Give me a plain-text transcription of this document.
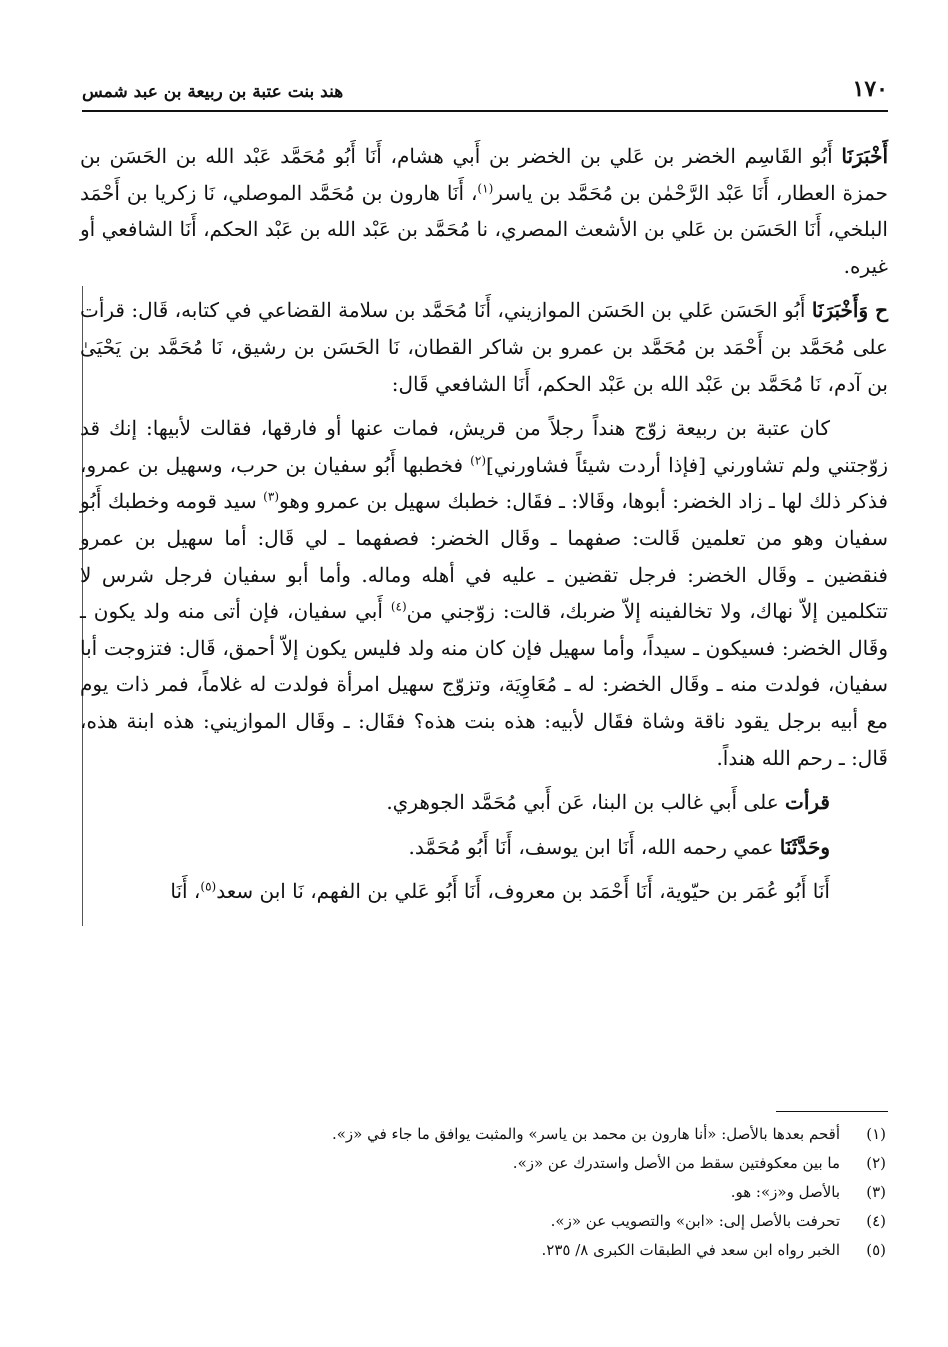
١٧٠
هند بنت عتبة بن ربيعة بن عبد شمس

أَخْبَرَنَا أَبُو القَاسِم الخضر بن عَلي بن الخضر بن أَبي هشام، أَنَا أَبُو مُحَمَّد عَبْد الله بن الحَسَن بن حمزة العطار، أَنَا عَبْد الرَّحْمٰن بن مُحَمَّد بن ياسر$^{(١)}$، أَنَا هارون بن مُحَمَّد الموصلي، نَا زكريا بن أَحْمَد البلخي، أَنَا الحَسَن بن عَلي بن الأشعث المصري، نا مُحَمَّد بن عَبْد الله بن عَبْد الحكم، أَنَا الشافعي أو غيره.

ح وَأَخْبَرَنَا أَبُو الحَسَن عَلي بن الحَسَن الموازيني، أَنَا مُحَمَّد بن سلامة القضاعي في كتابه، قَال: قرأت على مُحَمَّد بن أَحْمَد بن مُحَمَّد بن عمرو بن شاكر القطان، نَا الحَسَن بن رشيق، نَا مُحَمَّد بن يَحْيَىٰ بن آدم، نَا مُحَمَّد بن عَبْد الله بن عَبْد الحكم، أَنَا الشافعي قَال:

كان عتبة بن ربيعة زوّج هنداً رجلاً من قريش، فمات عنها أو فارقها، فقالت لأبيها: إنك قد زوّجتني ولم تشاورني [فإذا أردت شيئاً فشاورني]$^{(٢)}$ فخطبها أَبُو سفيان بن حرب، وسهيل بن عمرو، فذكر ذلك لها ـ زاد الخضر: أبوها، وقَالا: ـ فقَال: خطبك سهيل بن عمرو وهو$^{(٣)}$ سيد قومه وخطبك أَبُو سفيان وهو من تعلمين قَالت: صفهما ـ وقَال الخضر: فصفهما ـ لي قَال: أما سهيل بن عمرو فنقضين ـ وقَال الخضر: فرجل تقضين ـ عليه في أهله وماله. وأما أبو سفيان فرجل شرس لا تتكلمين إلاّ نهاك، ولا تخالفينه إلاّ ضربك، قالت: زوّجني من$^{(٤)}$ أَبي سفيان، فإن أتى منه ولد يكون ـ وقَال الخضر: فسيكون ـ سيداً، وأما سهيل فإن كان منه ولد فليس يكون إلاّ أحمق، قَال: فتزوجت أبا سفيان، فولدت منه ـ وقَال الخضر: له ـ مُعَاوِيَة، وتزوّج سهيل امرأة فولدت له غلاماً، فمر ذات يوم مع أبيه برجل يقود ناقة وشاة فقَال لأبيه: هذه بنت هذه؟ فقَال: ـ وقَال الموازيني: هذه ابنة هذه، قَال: ـ رحم الله هنداً.

قرأت على أَبي غالب بن البنا، عَن أَبي مُحَمَّد الجوهري.

وحَدَّثَنَا عمي رحمه الله، أَنَا ابن يوسف، أَنَا أَبُو مُحَمَّد.

أَنَا أَبُو عُمَر بن حيّوية، أَنَا أَحْمَد بن معروف، أَنَا أَبُو عَلي بن الفهم، نَا ابن سعد$^{(٥)}$، أَنَا

(١)
أقحم بعدها بالأصل: «أنا هارون بن محمد بن ياسر» والمثبت يوافق ما جاء في «ز».
(٢)
ما بين معكوفتين سقط من الأصل واستدرك عن «ز».
(٣)
بالأصل و«ز»: هو.
(٤)
تحرفت بالأصل إلى: «ابن» والتصويب عن «ز».
(٥)
الخبر رواه ابن سعد في الطبقات الكبرى ٨/ ٢٣٥.
